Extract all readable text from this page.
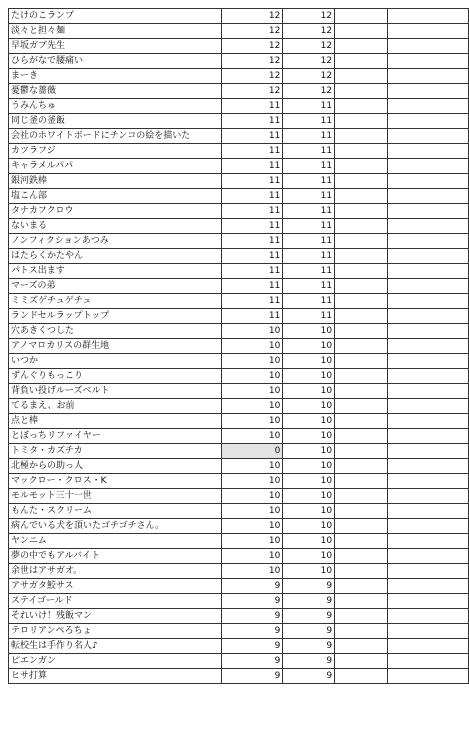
たけのこランプ	12	12		
淡々と担々麺	12	12		
早坂ガブ先生	12	12		
ひらがなで腰痛い	12	12		
まーき	12	12		
憂鬱な薔薇	12	12		
うみんちゅ	11	11		
同じ釜の釜飯	11	11		
会社のホワイトボードにチンコの絵を描いた	11	11		
カツラフジ	11	11		
キャラメルパパ	11	11		
銀河鉄棒	11	11		
塩こん部	11	11		
タナカフクロウ	11	11		
ないまる	11	11		
ノンフィクションあつみ	11	11		
はたらくかたやん	11	11		
パトス出ます	11	11		
マーズの弟	11	11		
ミミズゲチュゲチュ	11	11		
ランドセルラップトップ	11	11		
穴あきくつした	10	10		
アノマロカリスの群生地	10	10		
いつか	10	10		
ずんぐりもっこり	10	10		
背負い投げルーズベルト	10	10		
てるまえ、お前	10	10		
点と棒	10	10		
とぼっちリファイヤー	10	10		
トミタ・カズチカ	0	10		
北極からの助っ人	10	10		
マックロー・クロス・K	10	10		
モルモット三十一世	10	10		
もんた・スクリーム	10	10		
病んでいる犬を頂いたゴチゴチさん。	10	10		
ヤンニム	10	10		
夢の中でもアルバイト	10	10		
余世はアサガオ。	10	10		
アサガタ鮫サス	9	9		
ステイゴールド	9	9		
それいけ！残飯マン	9	9		
テロリアンぺろちょ	9	9		
転校生は手作り名人♪	9	9		
ピエンガン	9	9		
ヒサ打算	9	9		
